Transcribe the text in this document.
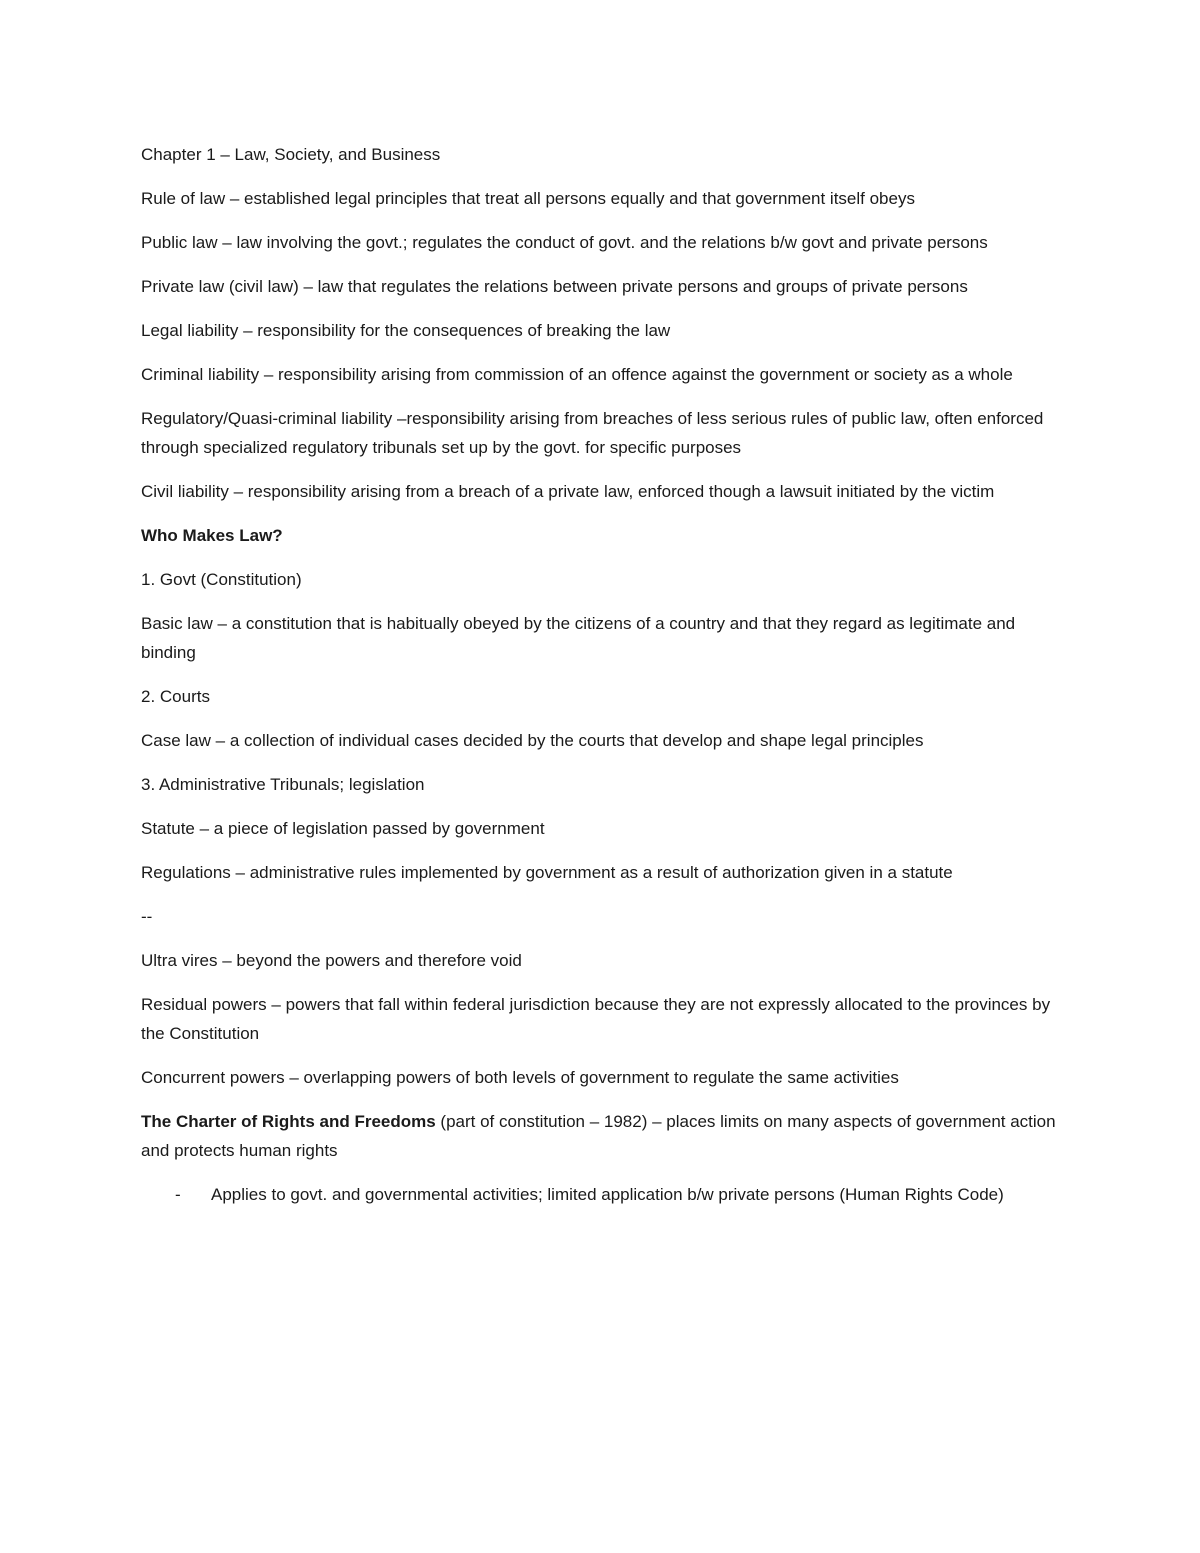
Chapter 1 – Law, Society, and Business

Rule of law – established legal principles that treat all persons equally and that government itself obeys

Public law – law involving the govt.; regulates the conduct of govt. and the relations b/w govt and private persons

Private law (civil law) – law that regulates the relations between private persons and groups of private persons

Legal liability – responsibility for the consequences of breaking the law

Criminal liability – responsibility arising from commission of an offence against the government or society as a whole

Regulatory/Quasi-criminal liability –responsibility arising from breaches of less serious rules of public law, often enforced through specialized regulatory tribunals set up by the govt. for specific purposes

Civil liability – responsibility arising from a breach of a private law, enforced though a lawsuit initiated by the victim

Who Makes Law?

1. Govt (Constitution)

Basic law – a constitution that is habitually obeyed by the citizens of a country and that they regard as legitimate and binding

2. Courts

Case law – a collection of individual cases decided by the courts that develop and shape legal principles

3. Administrative Tribunals; legislation

Statute – a piece of legislation passed by government

Regulations – administrative rules implemented by government as a result of authorization given in a statute

--

Ultra vires – beyond the powers and therefore void

Residual powers – powers that fall within federal jurisdiction because they are not expressly allocated to the provinces by the Constitution

Concurrent powers – overlapping powers of both levels of government to regulate the same activities

The Charter of Rights and Freedoms (part of constitution – 1982) – places limits on many aspects of government action and protects human rights

-	Applies to govt. and governmental activities; limited application b/w private persons (Human Rights Code)
